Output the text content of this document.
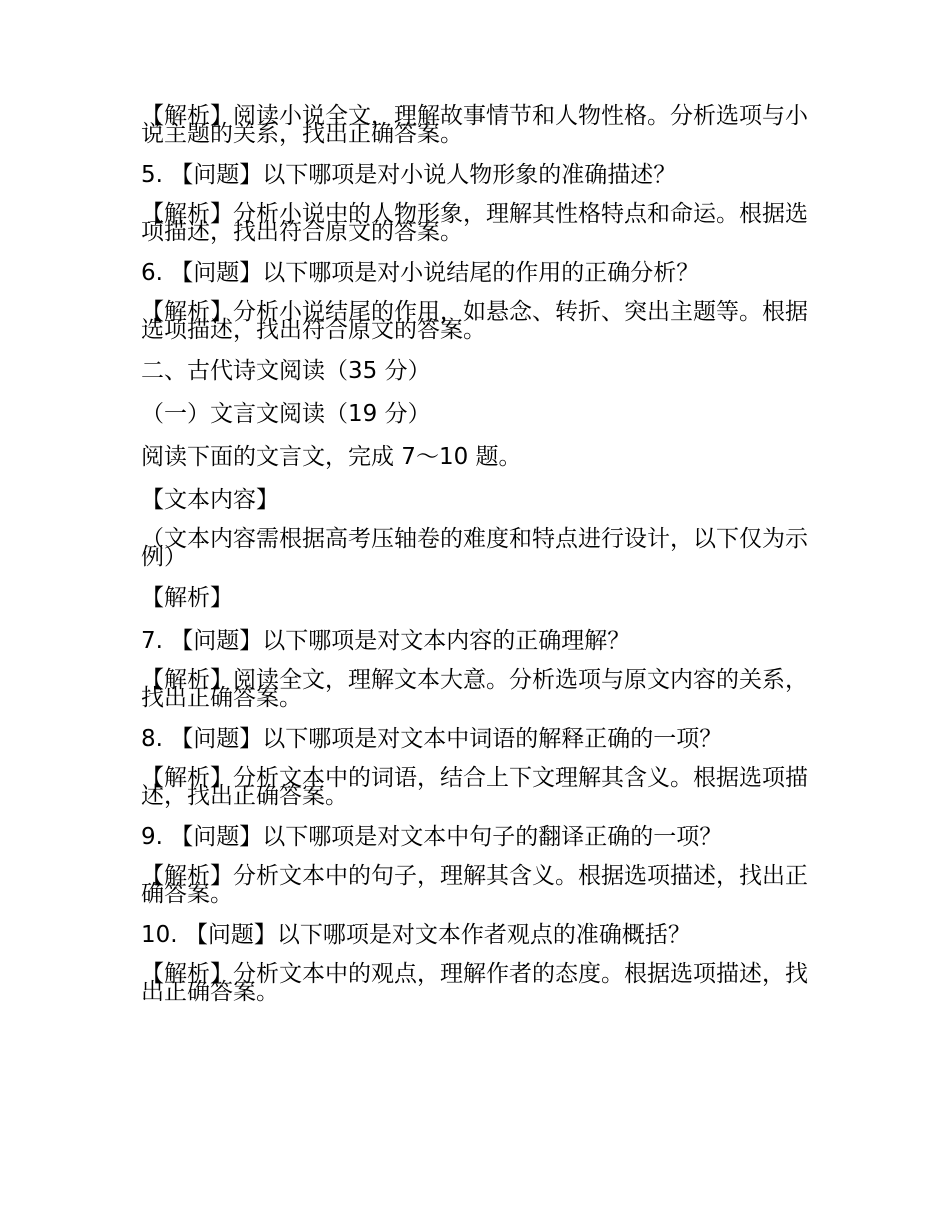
【解析】阅读小说全文，理解故事情节和人物性格。分析选项与小说主题的关系，找出正确答案。

5. 【问题】以下哪项是对小说人物形象的准确描述？

【解析】分析小说中的人物形象，理解其性格特点和命运。根据选项描述，找出符合原文的答案。

6. 【问题】以下哪项是对小说结尾的作用的正确分析？

【解析】分析小说结尾的作用，如悬念、转折、突出主题等。根据选项描述，找出符合原文的答案。

二、古代诗文阅读（35 分）

（一）文言文阅读（19 分）

阅读下面的文言文，完成 7～10 题。

【文本内容】

（文本内容需根据高考压轴卷的难度和特点进行设计，以下仅为示例）

【解析】

7. 【问题】以下哪项是对文本内容的正确理解？

【解析】阅读全文，理解文本大意。分析选项与原文内容的关系，找出正确答案。

8. 【问题】以下哪项是对文本中词语的解释正确的一项？

【解析】分析文本中的词语，结合上下文理解其含义。根据选项描述，找出正确答案。

9. 【问题】以下哪项是对文本中句子的翻译正确的一项？

【解析】分析文本中的句子，理解其含义。根据选项描述，找出正确答案。

10. 【问题】以下哪项是对文本作者观点的准确概括？

【解析】分析文本中的观点，理解作者的态度。根据选项描述，找出正确答案。
